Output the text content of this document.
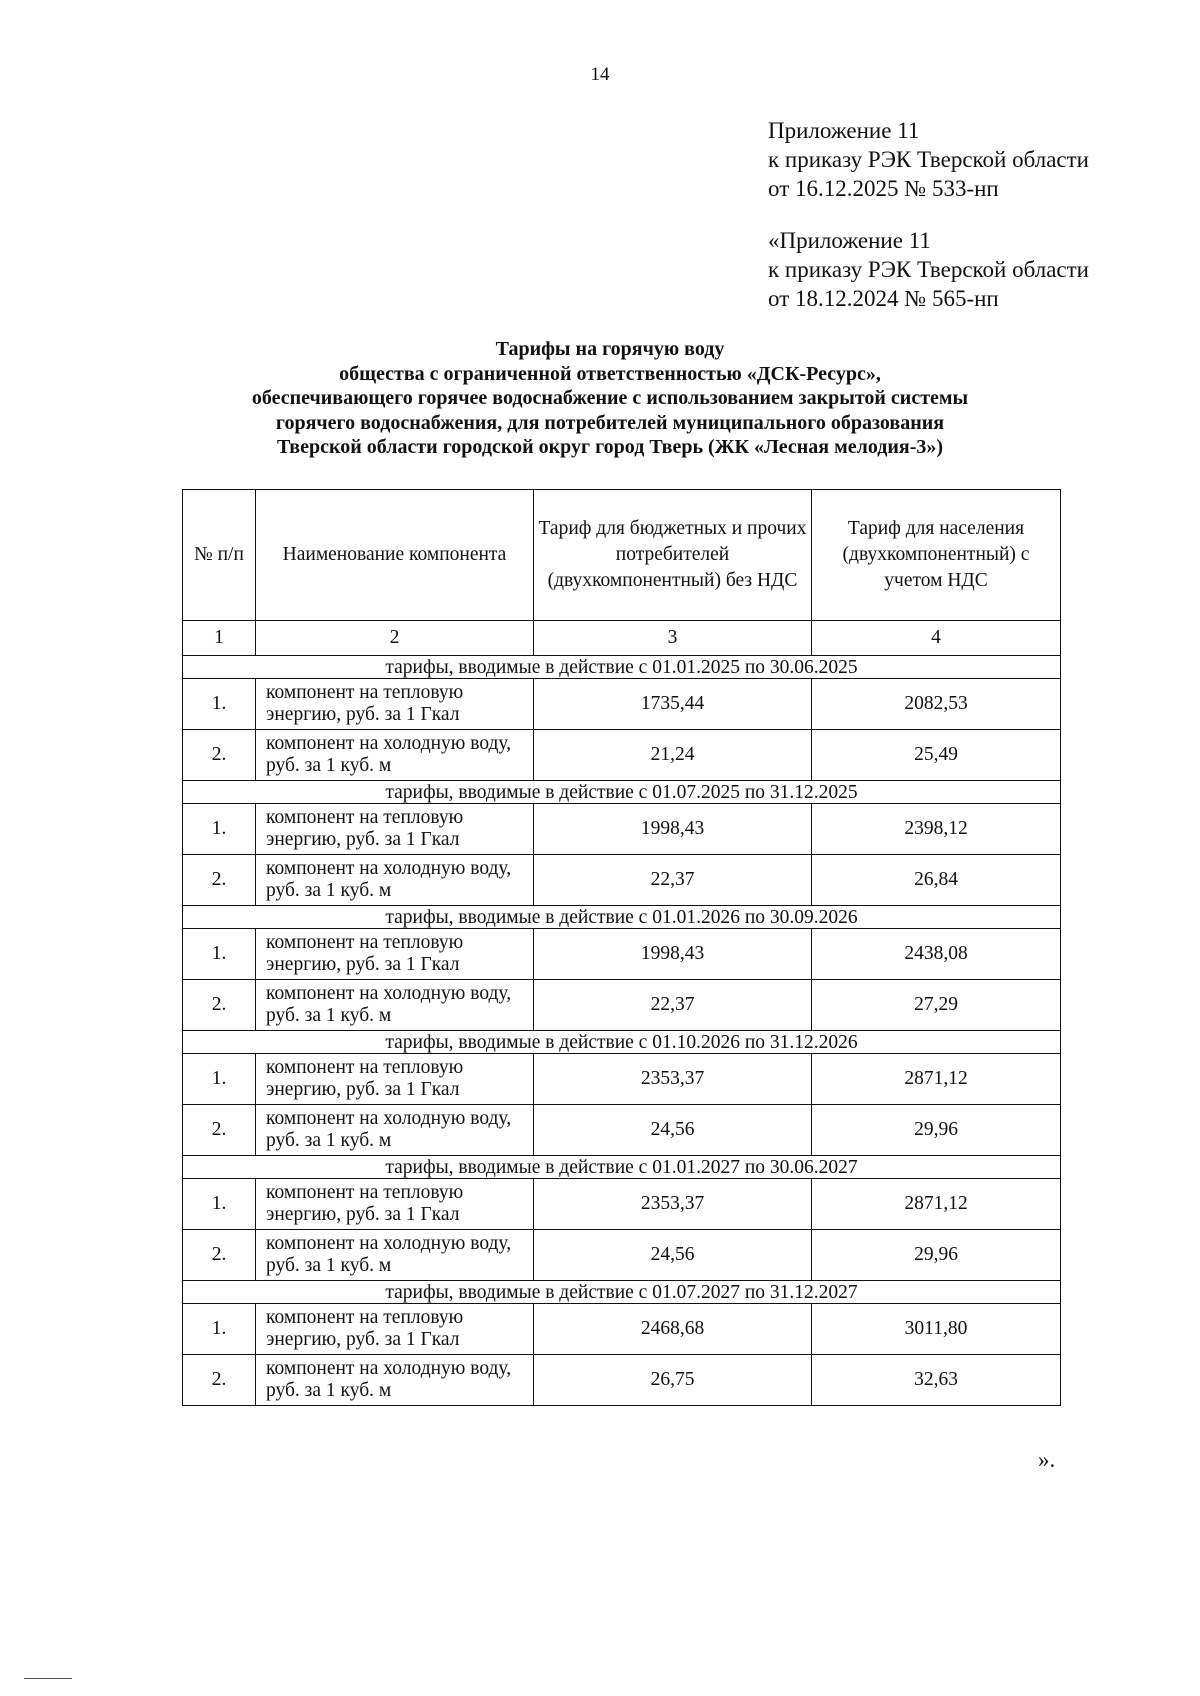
14
Приложение 11
к приказу РЭК Тверской области
от 16.12.2025 № 533-нп
«Приложение 11
к приказу РЭК Тверской области
от 18.12.2024 № 565-нп
Тарифы на горячую воду
общества с ограниченной ответственностью «ДСК-Ресурс»,
обеспечивающего горячее водоснабжение с использованием закрытой системы
горячего водоснабжения, для потребителей муниципального образования
Тверской области городской округ город Тверь (ЖК «Лесная мелодия-3»)
№ п/п	Наименование компонента	Тариф для бюджетных и прочих потребителей (двухкомпонентный) без НДС	Тариф для населения (двухкомпонентный) с учетом НДС
1	2	3	4
тарифы, вводимые в действие с 01.01.2025 по 30.06.2025			
1.	компонент на тепловую энергию, руб. за 1 Гкал	1735,44	2082,53
2.	компонент на холодную воду, руб. за 1 куб. м	21,24	25,49
тарифы, вводимые в действие с 01.07.2025 по 31.12.2025			
1.	компонент на тепловую энергию, руб. за 1 Гкал	1998,43	2398,12
2.	компонент на холодную воду, руб. за 1 куб. м	22,37	26,84
тарифы, вводимые в действие с 01.01.2026 по 30.09.2026			
1.	компонент на тепловую энергию, руб. за 1 Гкал	1998,43	2438,08
2.	компонент на холодную воду, руб. за 1 куб. м	22,37	27,29
тарифы, вводимые в действие с 01.10.2026 по 31.12.2026			
1.	компонент на тепловую энергию, руб. за 1 Гкал	2353,37	2871,12
2.	компонент на холодную воду, руб. за 1 куб. м	24,56	29,96
тарифы, вводимые в действие с 01.01.2027 по 30.06.2027			
1.	компонент на тепловую энергию, руб. за 1 Гкал	2353,37	2871,12
2.	компонент на холодную воду, руб. за 1 куб. м	24,56	29,96
тарифы, вводимые в действие с 01.07.2027 по 31.12.2027			
1.	компонент на тепловую энергию, руб. за 1 Гкал	2468,68	3011,80
2.	компонент на холодную воду, руб. за 1 куб. м	26,75	32,63
».
